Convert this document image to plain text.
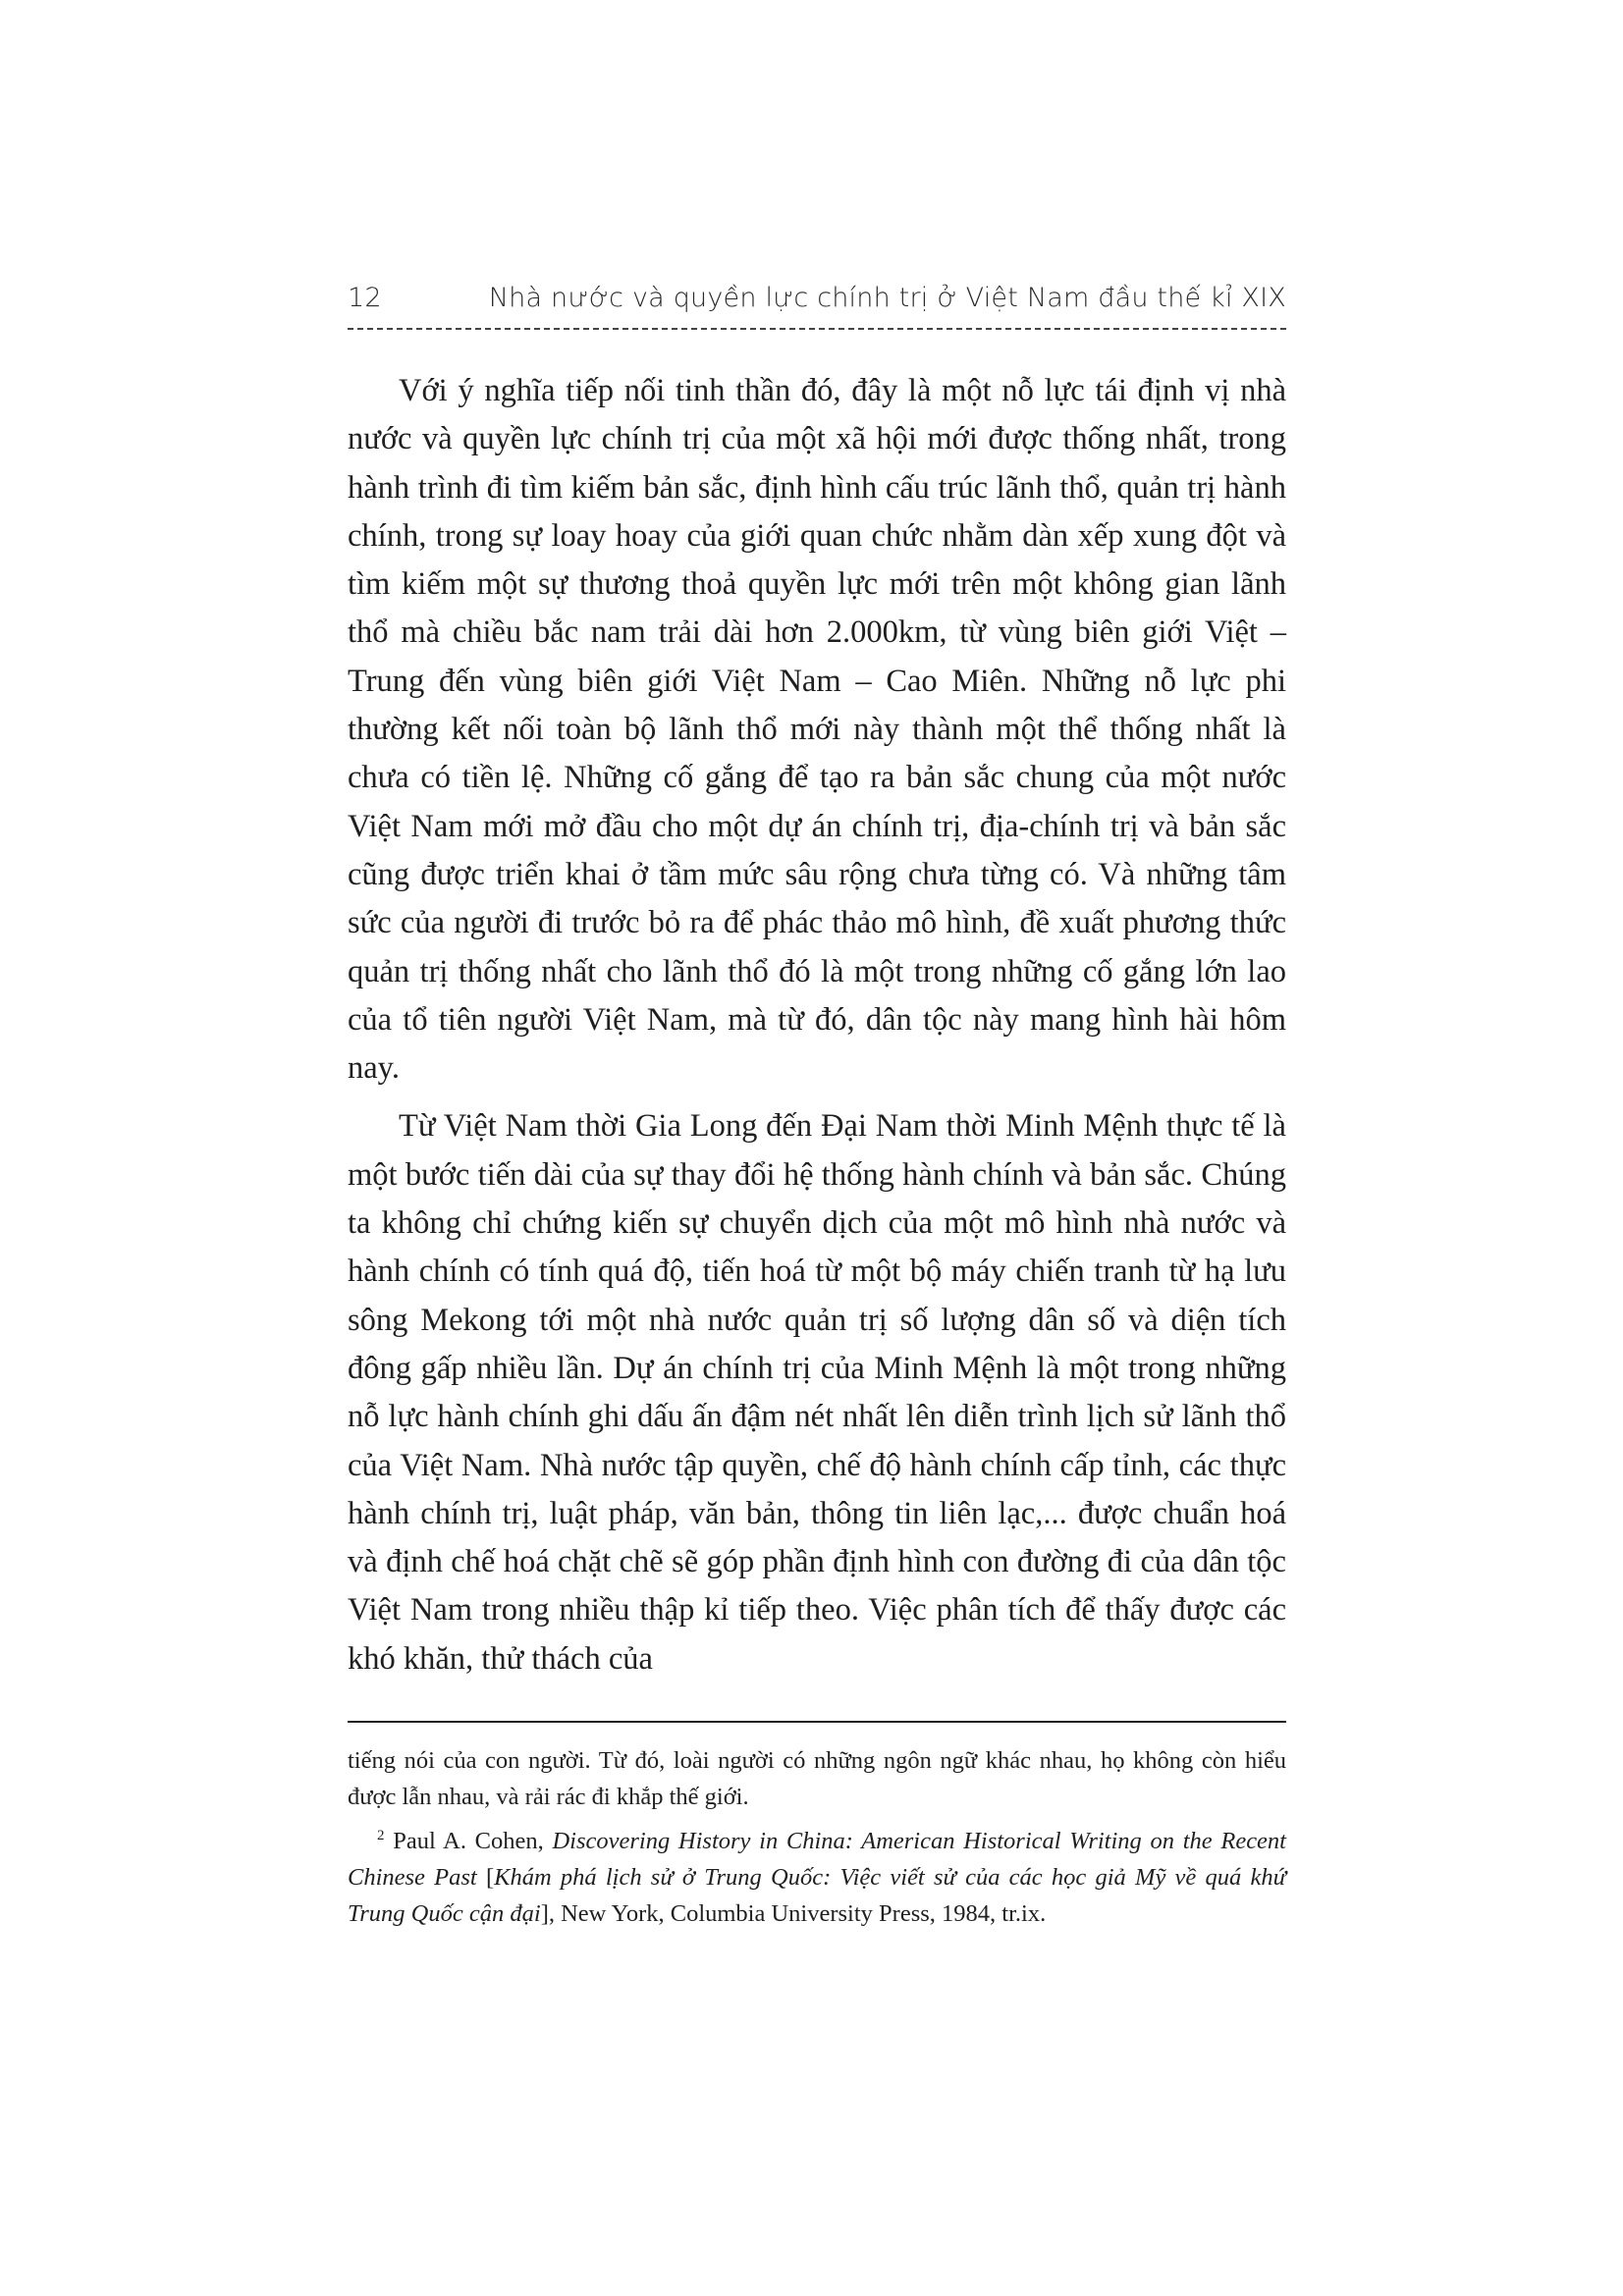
12	Nhà nước và quyền lực chính trị ở Việt Nam đầu thế kỉ XIX

Với ý nghĩa tiếp nối tinh thần đó, đây là một nỗ lực tái định vị nhà nước và quyền lực chính trị của một xã hội mới được thống nhất, trong hành trình đi tìm kiếm bản sắc, định hình cấu trúc lãnh thổ, quản trị hành chính, trong sự loay hoay của giới quan chức nhằm dàn xếp xung đột và tìm kiếm một sự thương thoả quyền lực mới trên một không gian lãnh thổ mà chiều bắc nam trải dài hơn 2.000km, từ vùng biên giới Việt – Trung đến vùng biên giới Việt Nam – Cao Miên. Những nỗ lực phi thường kết nối toàn bộ lãnh thổ mới này thành một thể thống nhất là chưa có tiền lệ. Những cố gắng để tạo ra bản sắc chung của một nước Việt Nam mới mở đầu cho một dự án chính trị, địa-chính trị và bản sắc cũng được triển khai ở tầm mức sâu rộng chưa từng có. Và những tâm sức của người đi trước bỏ ra để phác thảo mô hình, đề xuất phương thức quản trị thống nhất cho lãnh thổ đó là một trong những cố gắng lớn lao của tổ tiên người Việt Nam, mà từ đó, dân tộc này mang hình hài hôm nay.

Từ Việt Nam thời Gia Long đến Đại Nam thời Minh Mệnh thực tế là một bước tiến dài của sự thay đổi hệ thống hành chính và bản sắc. Chúng ta không chỉ chứng kiến sự chuyển dịch của một mô hình nhà nước và hành chính có tính quá độ, tiến hoá từ một bộ máy chiến tranh từ hạ lưu sông Mekong tới một nhà nước quản trị số lượng dân số và diện tích đông gấp nhiều lần. Dự án chính trị của Minh Mệnh là một trong những nỗ lực hành chính ghi dấu ấn đậm nét nhất lên diễn trình lịch sử lãnh thổ của Việt Nam. Nhà nước tập quyền, chế độ hành chính cấp tỉnh, các thực hành chính trị, luật pháp, văn bản, thông tin liên lạc,... được chuẩn hoá và định chế hoá chặt chẽ sẽ góp phần định hình con đường đi của dân tộc Việt Nam trong nhiều thập kỉ tiếp theo. Việc phân tích để thấy được các khó khăn, thử thách của

tiếng nói của con người. Từ đó, loài người có những ngôn ngữ khác nhau, họ không còn hiểu được lẫn nhau, và rải rác đi khắp thế giới.

$^2$ Paul A. Cohen, Discovering History in China: American Historical Writing on the Recent Chinese Past [Khám phá lịch sử ở Trung Quốc: Việc viết sử của các học giả Mỹ về quá khứ Trung Quốc cận đại], New York, Columbia University Press, 1984, tr.ix.
